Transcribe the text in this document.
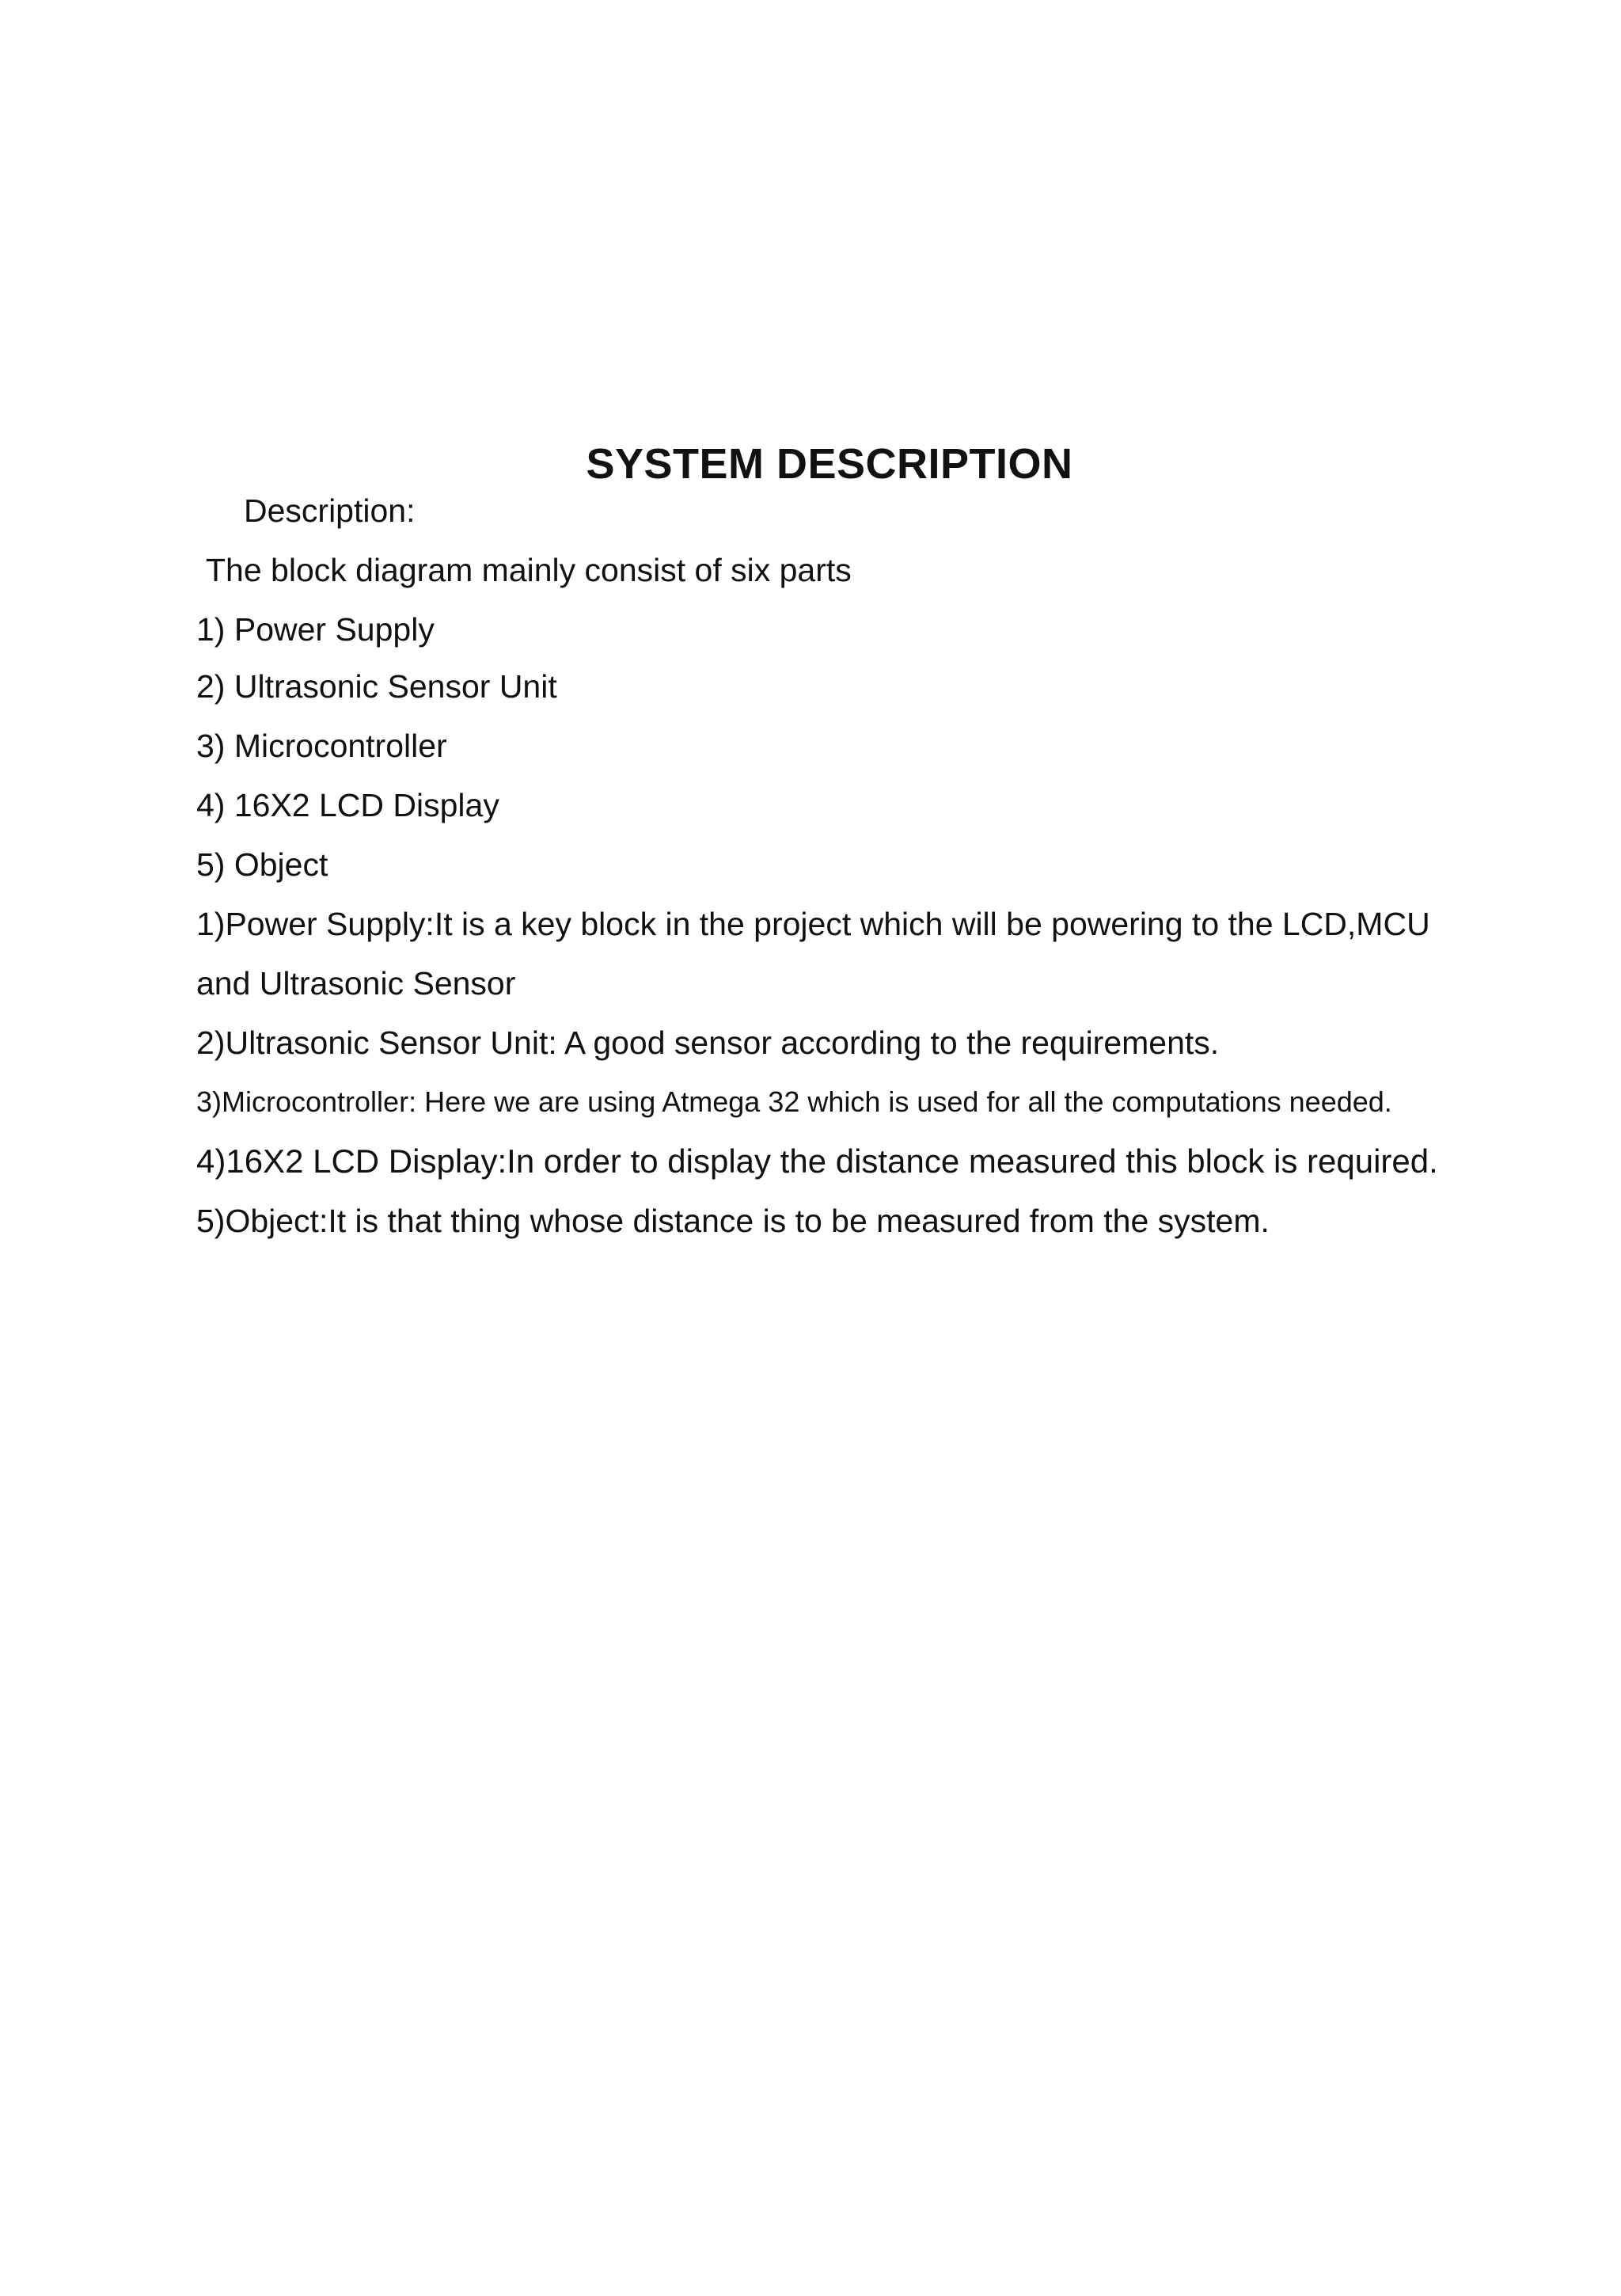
SYSTEM DESCRIPTION
Description:
The block diagram mainly consist of six parts
1) Power Supply
2) Ultrasonic Sensor Unit
3) Microcontroller
4) 16X2 LCD Display
5) Object
1)Power Supply:It is a key block in the project which will be powering to the LCD,MCU
and Ultrasonic Sensor
2)Ultrasonic Sensor Unit: A good sensor according to the requirements.
3)Microcontroller: Here we are using Atmega 32 which is used for all the computations needed.
4)16X2 LCD Display:In order to display the distance measured this block is required.
5)Object:It is that thing whose distance is to be measured from the system.
